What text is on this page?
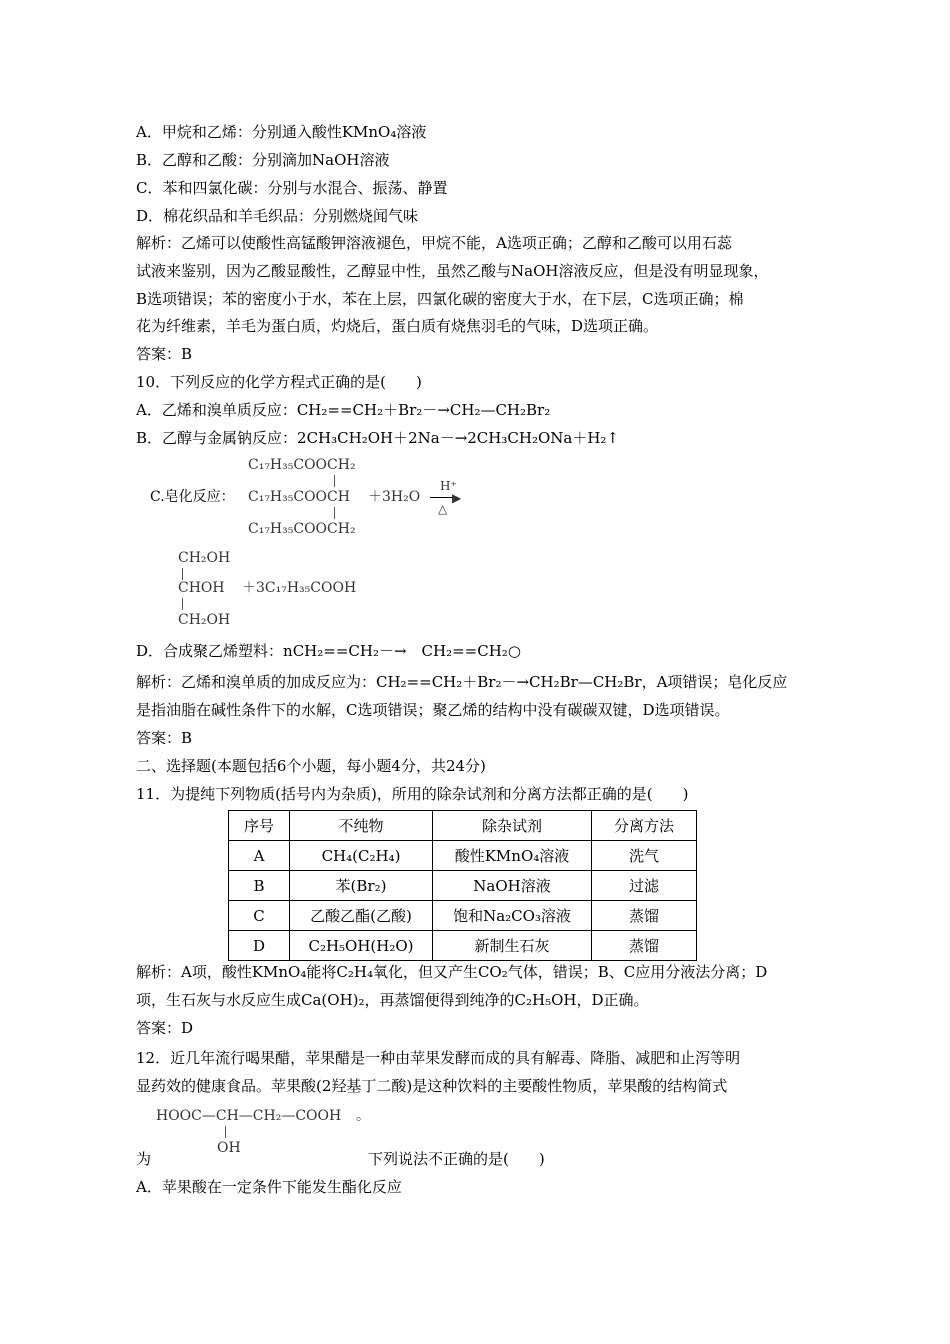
A．甲烷和乙烯：分别通入酸性KMnO₄溶液
B．乙醇和乙酸：分别滴加NaOH溶液
C．苯和四氯化碳：分别与水混合、振荡、静置
D．棉花织品和羊毛织品：分别燃烧闻气味
解析：乙烯可以使酸性高锰酸钾溶液褪色，甲烷不能，A选项正确；乙醇和乙酸可以用石蕊
试液来鉴别，因为乙酸显酸性，乙醇显中性，虽然乙酸与NaOH溶液反应，但是没有明显现象，
B选项错误；苯的密度小于水，苯在上层，四氯化碳的密度大于水，在下层，C选项正确；棉
花为纤维素，羊毛为蛋白质，灼烧后，蛋白质有烧焦羽毛的气味，D选项正确。
答案：B
10．下列反应的化学方程式正确的是(　　)
A．乙烯和溴单质反应：CH₂==CH₂＋Br₂－→CH₂—CH₂Br₂
B．乙醇与金属钠反应：2CH₃CH₂OH＋2Na－→2CH₃CH₂ONa＋H₂↑
C₁₇H₃₅COOCH₂
C.皂化反应： C₁₇H₃₅COOCH ＋3H₂O
H⁺
▶
△
C₁₇H₃₅COOCH₂
CH₂OH
CHOH ＋3C₁₇H₃₅COOH
CH₂OH
D．合成聚乙烯塑料：nCH₂==CH₂－→　CH₂==CH₂○
解析：乙烯和溴单质的加成反应为：CH₂==CH₂＋Br₂－→CH₂Br—CH₂Br，A项错误；皂化反应
是指油脂在碱性条件下的水解，C选项错误；聚乙烯的结构中没有碳碳双键，D选项错误。
答案：B
二、选择题(本题包括6个小题，每小题4分，共24分)
11．为提纯下列物质(括号内为杂质)，所用的除杂试剂和分离方法都正确的是(　　)
序号	不纯物	除杂试剂	分离方法
A	CH₄(C₂H₄)	酸性KMnO₄溶液	洗气
B	苯(Br₂)	NaOH溶液	过滤
C	乙酸乙酯(乙酸)	饱和Na₂CO₃溶液	蒸馏
D	C₂H₅OH(H₂O)	新制生石灰	蒸馏
解析：A项，酸性KMnO₄能将C₂H₄氧化，但又产生CO₂气体，错误；B、C应用分液法分离；D
项，生石灰与水反应生成Ca(OH)₂，再蒸馏便得到纯净的C₂H₅OH，D正确。
答案：D
12．近几年流行喝果醋，苹果醋是一种由苹果发酵而成的具有解毒、降脂、减肥和止泻等明
显药效的健康食品。苹果酸(2羟基丁二酸)是这种饮料的主要酸性物质，苹果酸的结构简式
HOOC—CH—CH₂—COOH 。
OH
为	下列说法不正确的是(　　)
A．苹果酸在一定条件下能发生酯化反应
